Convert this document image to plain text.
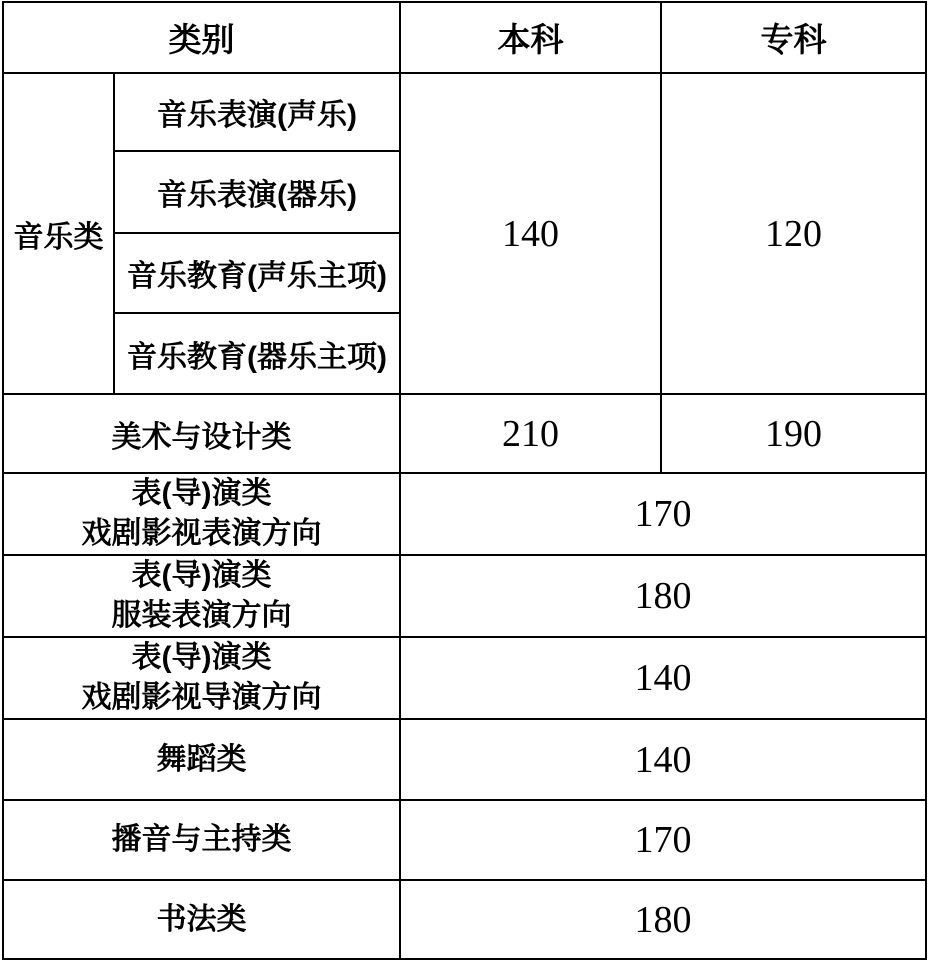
类别		本科	专科
音乐类	音乐表演(声乐)	140	120
	音乐表演(器乐)		
	音乐教育(声乐主项)		
	音乐教育(器乐主项)		
美术与设计类		210	190

表(导)演类
戏剧影视表演方向		170	

表(导)演类
服装表演方向		180	

表(导)演类
戏剧影视导演方向		140	

舞蹈类		140	

播音与主持类		170	

书法类		180	
